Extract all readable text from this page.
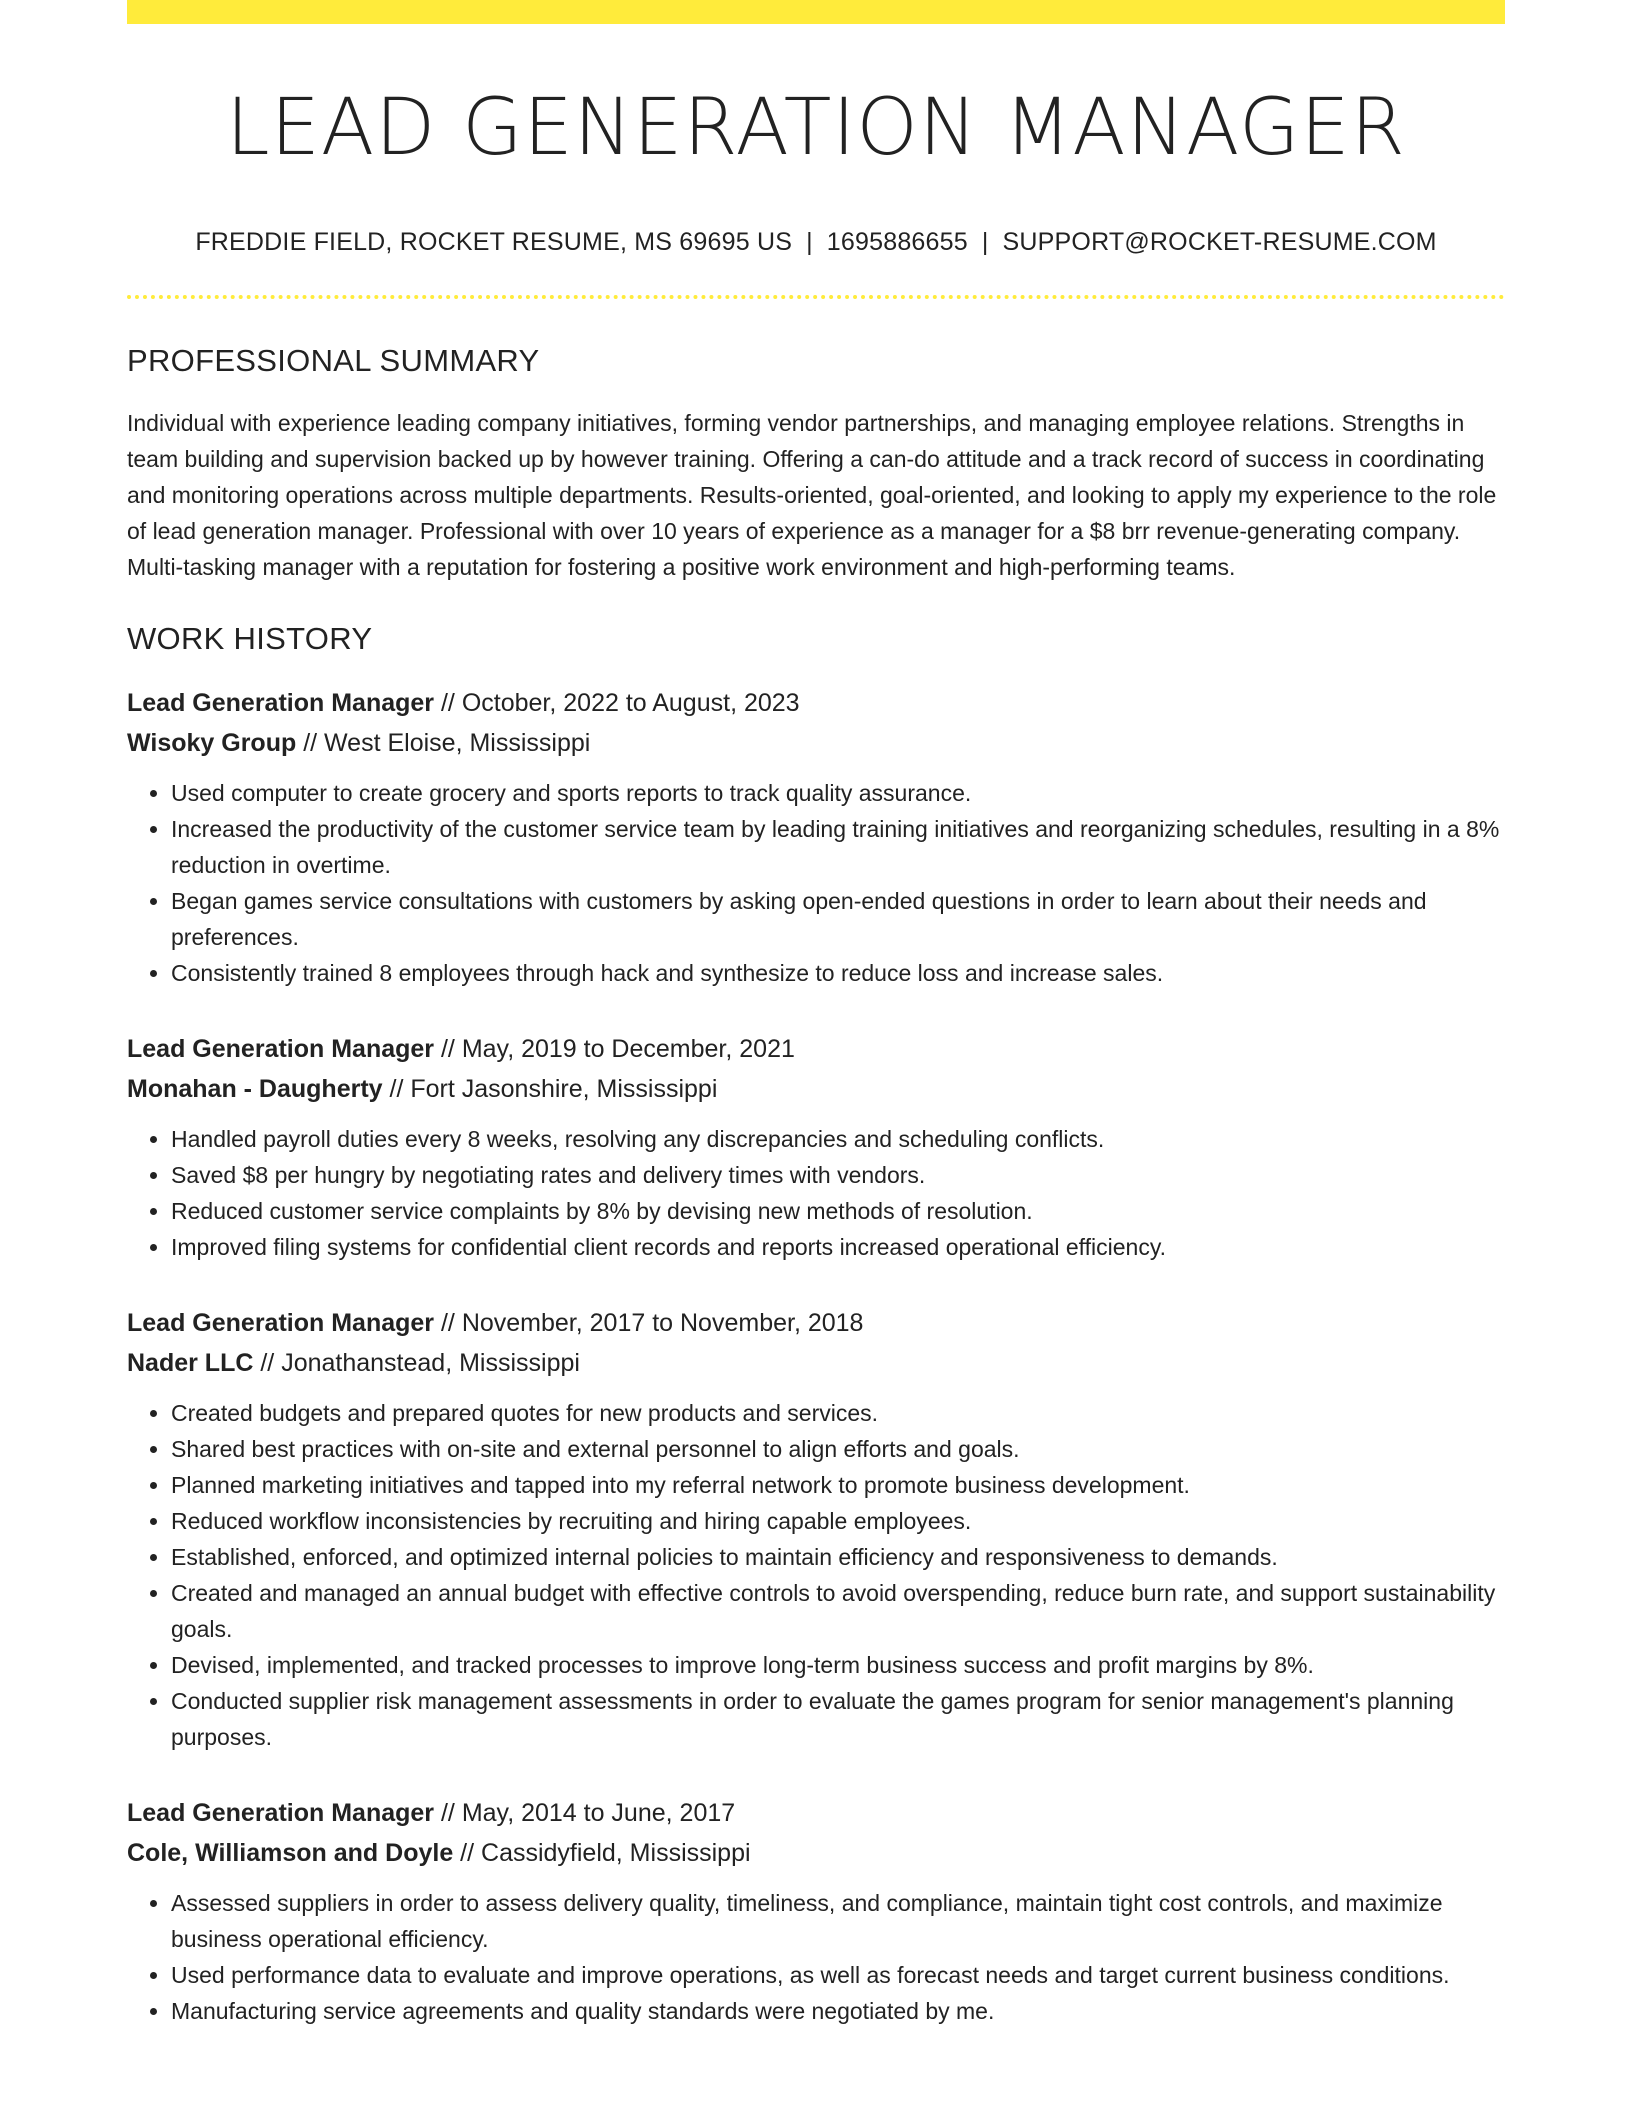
LEAD GENERATION MANAGER
FREDDIE FIELD, ROCKET RESUME, MS 69695 US | 1695886655 | SUPPORT@ROCKET-RESUME.COM
PROFESSIONAL SUMMARY

Individual with experience leading company initiatives, forming vendor partnerships, and managing employee relations. Strengths in team building and supervision backed up by however training. Offering a can-do attitude and a track record of success in coordinating and monitoring operations across multiple departments. Results-oriented, goal-oriented, and looking to apply my experience to the role of lead generation manager. Professional with over 10 years of experience as a manager for a $8 brr revenue-generating company. Multi-tasking manager with a reputation for fostering a positive work environment and high-performing teams.

WORK HISTORY
Lead Generation Manager // October, 2022 to August, 2023
Wisoky Group // West Eloise, Mississippi
• Used computer to create grocery and sports reports to track quality assurance.
• Increased the productivity of the customer service team by leading training initiatives and reorganizing schedules, resulting in a 8% reduction in overtime.
• Began games service consultations with customers by asking open-ended questions in order to learn about their needs and preferences.
• Consistently trained 8 employees through hack and synthesize to reduce loss and increase sales.
Lead Generation Manager // May, 2019 to December, 2021
Monahan - Daugherty // Fort Jasonshire, Mississippi
• Handled payroll duties every 8 weeks, resolving any discrepancies and scheduling conflicts.
• Saved $8 per hungry by negotiating rates and delivery times with vendors.
• Reduced customer service complaints by 8% by devising new methods of resolution.
• Improved filing systems for confidential client records and reports increased operational efficiency.
Lead Generation Manager // November, 2017 to November, 2018
Nader LLC // Jonathanstead, Mississippi
• Created budgets and prepared quotes for new products and services.
• Shared best practices with on-site and external personnel to align efforts and goals.
• Planned marketing initiatives and tapped into my referral network to promote business development.
• Reduced workflow inconsistencies by recruiting and hiring capable employees.
• Established, enforced, and optimized internal policies to maintain efficiency and responsiveness to demands.
• Created and managed an annual budget with effective controls to avoid overspending, reduce burn rate, and support sustainability goals.
• Devised, implemented, and tracked processes to improve long-term business success and profit margins by 8%.
• Conducted supplier risk management assessments in order to evaluate the games program for senior management's planning purposes.
Lead Generation Manager // May, 2014 to June, 2017
Cole, Williamson and Doyle // Cassidyfield, Mississippi
• Assessed suppliers in order to assess delivery quality, timeliness, and compliance, maintain tight cost controls, and maximize business operational efficiency.
• Used performance data to evaluate and improve operations, as well as forecast needs and target current business conditions.
• Manufacturing service agreements and quality standards were negotiated by me.
